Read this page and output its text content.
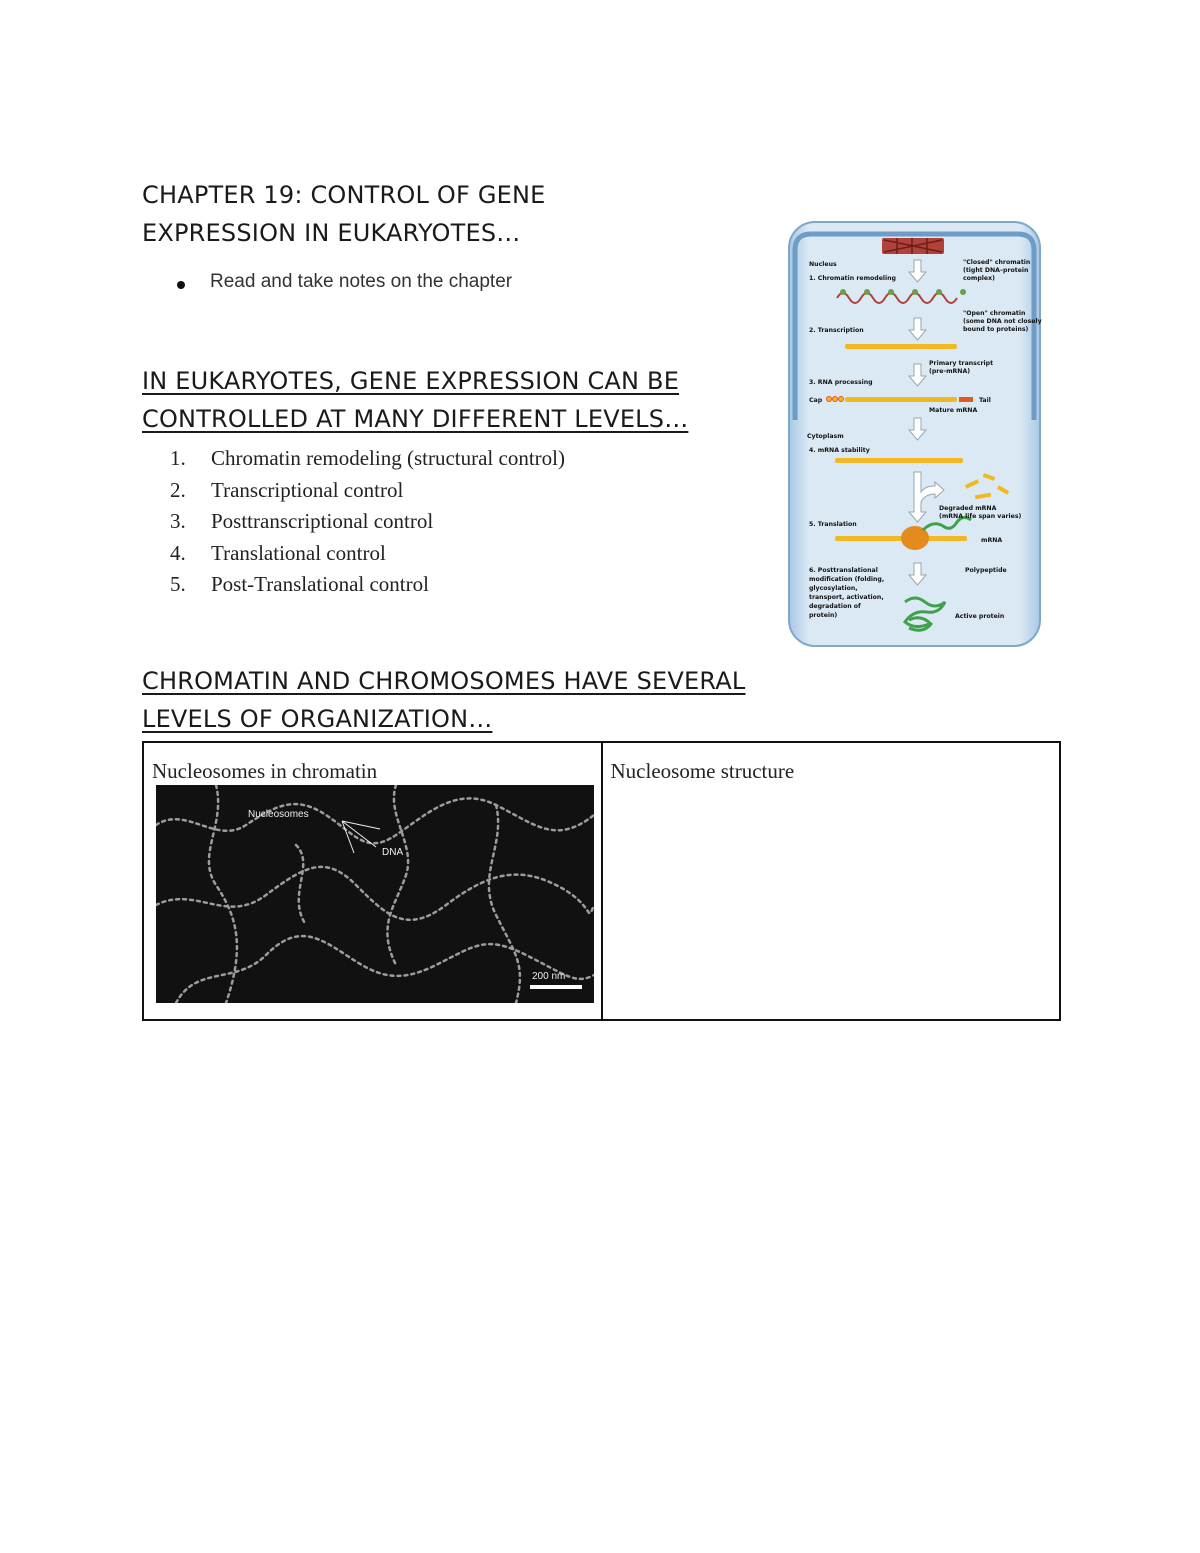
CHAPTER 19: CONTROL OF GENE
EXPRESSION IN EUKARYOTES…
Read and take notes on the chapter
IN EUKARYOTES, GENE EXPRESSION CAN BE
CONTROLLED AT MANY DIFFERENT LEVELS…
1.	Chromatin remodeling (structural control)
2.	Transcriptional control
3.	Posttranscriptional control
4.	Translational control
5.	Post-Translational control
CHROMATIN AND CHROMOSOMES HAVE SEVERAL
LEVELS OF ORGANIZATION…
Nucleus	"Closed" chromatin
(tight DNA–protein
complex)
1. Chromatin remodeling
"Open" chromatin
(some DNA not closely
bound to proteins)
2. Transcription
Primary transcript
(pre-mRNA)
3. RNA processing
Cap	Tail
Mature mRNA
Cytoplasm
4. mRNA stability
Degraded mRNA
(mRNA life span varies)
5. Translation
mRNA
Polypeptide
6. Posttranslational
modification (folding,
glycosylation,
transport, activation,
degradation of
protein)	Active protein
Nucleosomes in chromatin
Nucleosomes
DNA
200 nm

Nucleosome structure
